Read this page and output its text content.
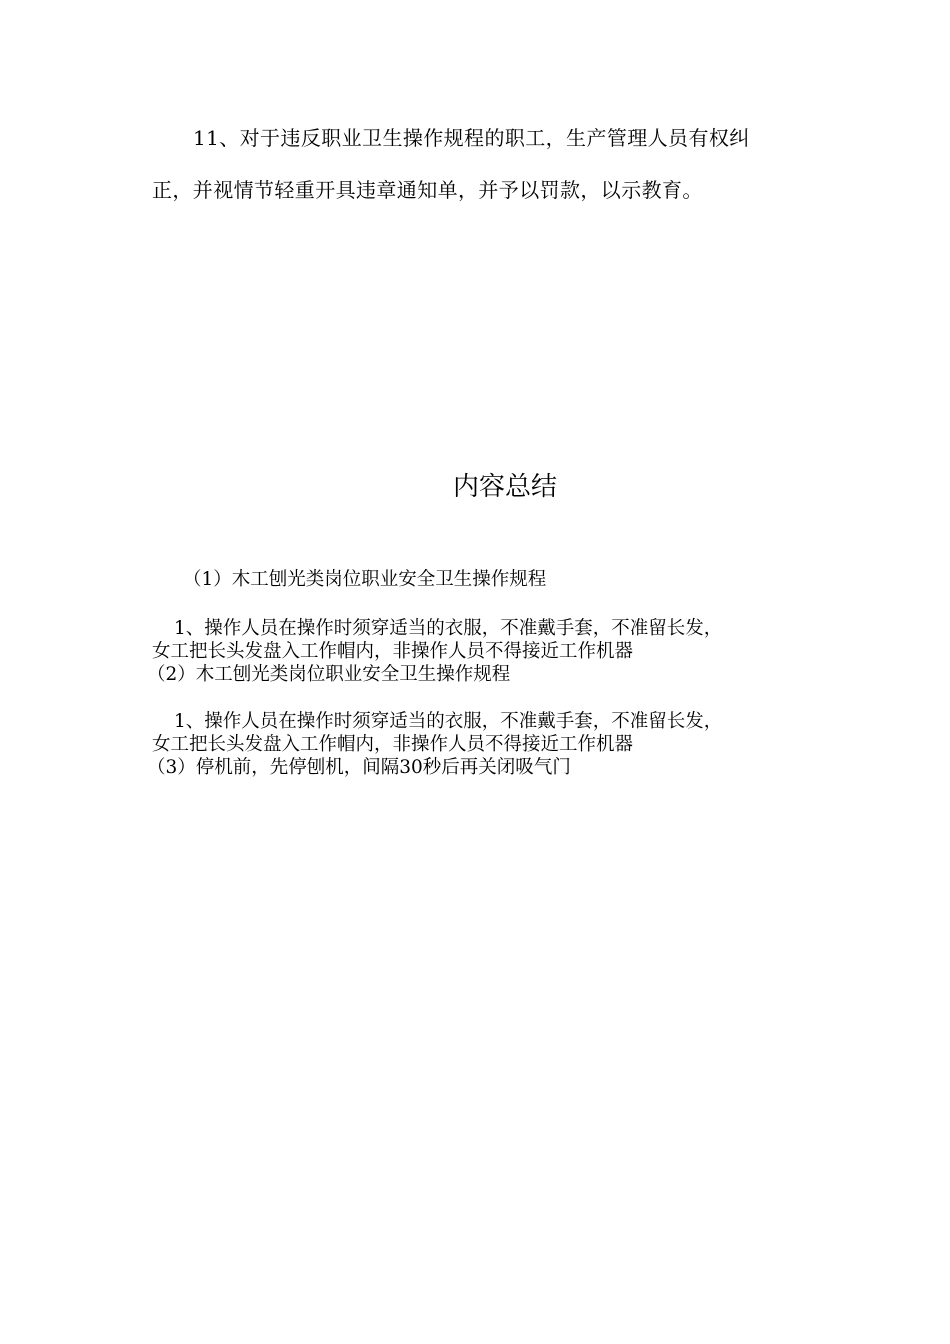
11、对于违反职业卫生操作规程的职工，生产管理人员有权纠
正，并视情节轻重开具违章通知单，并予以罚款，以示教育。
内容总结
（1）木工刨光类岗位职业安全卫生操作规程
1、操作人员在操作时须穿适当的衣服，不准戴手套，不准留长发，
女工把长头发盘入工作帽内，非操作人员不得接近工作机器
（2）木工刨光类岗位职业安全卫生操作规程
1、操作人员在操作时须穿适当的衣服，不准戴手套，不准留长发，
女工把长头发盘入工作帽内，非操作人员不得接近工作机器
（3）停机前，先停刨机，间隔30秒后再关闭吸气门
